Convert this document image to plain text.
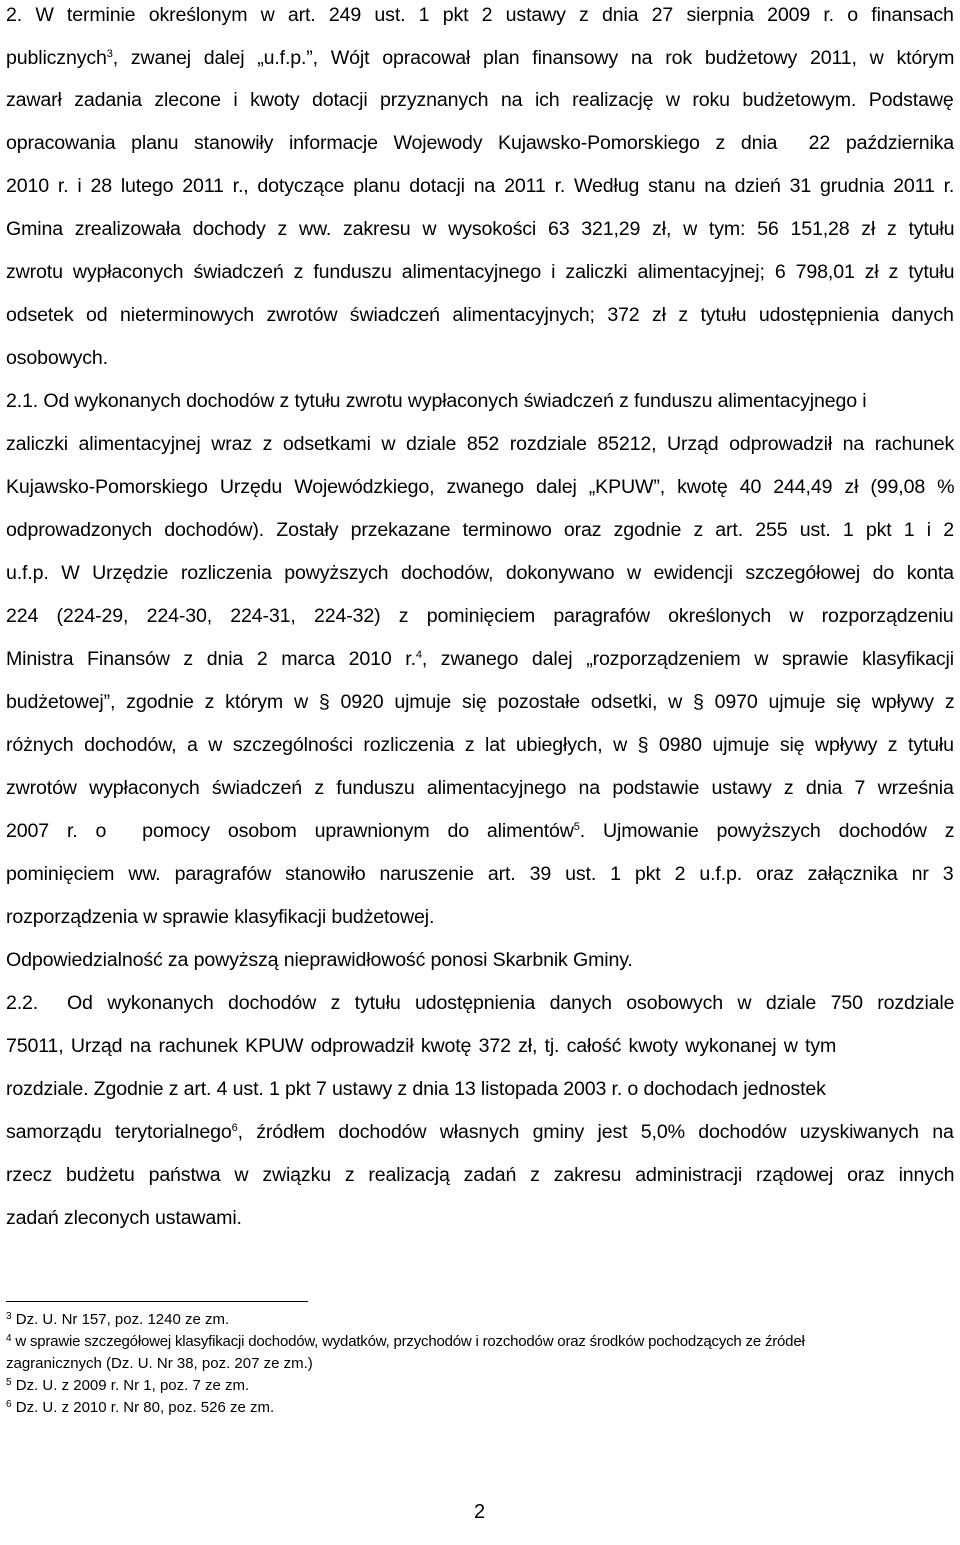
2. W terminie określonym w art. 249 ust. 1 pkt 2 ustawy z dnia 27 sierpnia 2009 r. o finansach
publicznych$^3$, zwanej dalej „u.f.p.”, Wójt opracował plan finansowy na rok budżetowy 2011, w którym
zawarł zadania zlecone i kwoty dotacji przyznanych na ich realizację w roku budżetowym. Podstawę
opracowania planu stanowiły informacje Wojewody Kujawsko-Pomorskiego z dnia  22 października
2010 r. i 28 lutego 2011 r., dotyczące planu dotacji na 2011 r. Według stanu na dzień 31 grudnia 2011 r.
Gmina zrealizowała dochody z ww. zakresu w wysokości 63 321,29 zł, w tym: 56 151,28 zł z tytułu
zwrotu wypłaconych świadczeń z funduszu alimentacyjnego i zaliczki alimentacyjnej; 6 798,01 zł z tytułu
odsetek od nieterminowych zwrotów świadczeń alimentacyjnych; 372 zł z tytułu udostępnienia danych
osobowych.
2.1. Od wykonanych dochodów z tytułu zwrotu wypłaconych świadczeń z funduszu alimentacyjnego i
zaliczki alimentacyjnej wraz z odsetkami w dziale 852 rozdziale 85212, Urząd odprowadził na rachunek
Kujawsko-Pomorskiego Urzędu Wojewódzkiego, zwanego dalej „KPUW”, kwotę 40 244,49 zł (99,08 %
odprowadzonych dochodów). Zostały przekazane terminowo oraz zgodnie z art. 255 ust. 1 pkt 1 i 2
u.f.p. W Urzędzie rozliczenia powyższych dochodów, dokonywano w ewidencji szczegółowej do konta
224 (224-29, 224-30, 224-31, 224-32) z pominięciem paragrafów określonych w rozporządzeniu
Ministra Finansów z dnia 2 marca 2010 r.$^4$, zwanego dalej „rozporządzeniem w sprawie klasyfikacji
budżetowej”, zgodnie z którym w § 0920 ujmuje się pozostałe odsetki, w § 0970 ujmuje się wpływy z
różnych dochodów, a w szczególności rozliczenia z lat ubiegłych, w § 0980 ujmuje się wpływy z tytułu
zwrotów wypłaconych świadczeń z funduszu alimentacyjnego na podstawie ustawy z dnia 7 września
2007 r. o  pomocy osobom uprawnionym do alimentów$^5$. Ujmowanie powyższych dochodów z
pominięciem ww. paragrafów stanowiło naruszenie art. 39 ust. 1 pkt 2 u.f.p. oraz załącznika nr 3
rozporządzenia w sprawie klasyfikacji budżetowej.
Odpowiedzialność za powyższą nieprawidłowość ponosi Skarbnik Gminy.
2.2.  Od wykonanych dochodów z tytułu udostępnienia danych osobowych w dziale 750 rozdziale
75011, Urząd na rachunek KPUW odprowadził kwotę 372 zł, tj. całość kwoty wykonanej w tym
rozdziale. Zgodnie z art. 4 ust. 1 pkt 7 ustawy z dnia 13 listopada 2003 r. o dochodach jednostek
samorządu terytorialnego$^6$, źródłem dochodów własnych gminy jest 5,0% dochodów uzyskiwanych na
rzecz budżetu państwa w związku z realizacją zadań z zakresu administracji rządowej oraz innych
zadań zleconych ustawami.
$^3$ Dz. U. Nr 157, poz. 1240 ze zm.
$^4$ w sprawie szczegółowej klasyfikacji dochodów, wydatków, przychodów i rozchodów oraz środków pochodzących ze źródeł
zagranicznych (Dz. U. Nr 38, poz. 207 ze zm.)
$^5$ Dz. U. z 2009 r. Nr 1, poz. 7 ze zm.
$^6$ Dz. U. z 2010 r. Nr 80, poz. 526 ze zm.
2
